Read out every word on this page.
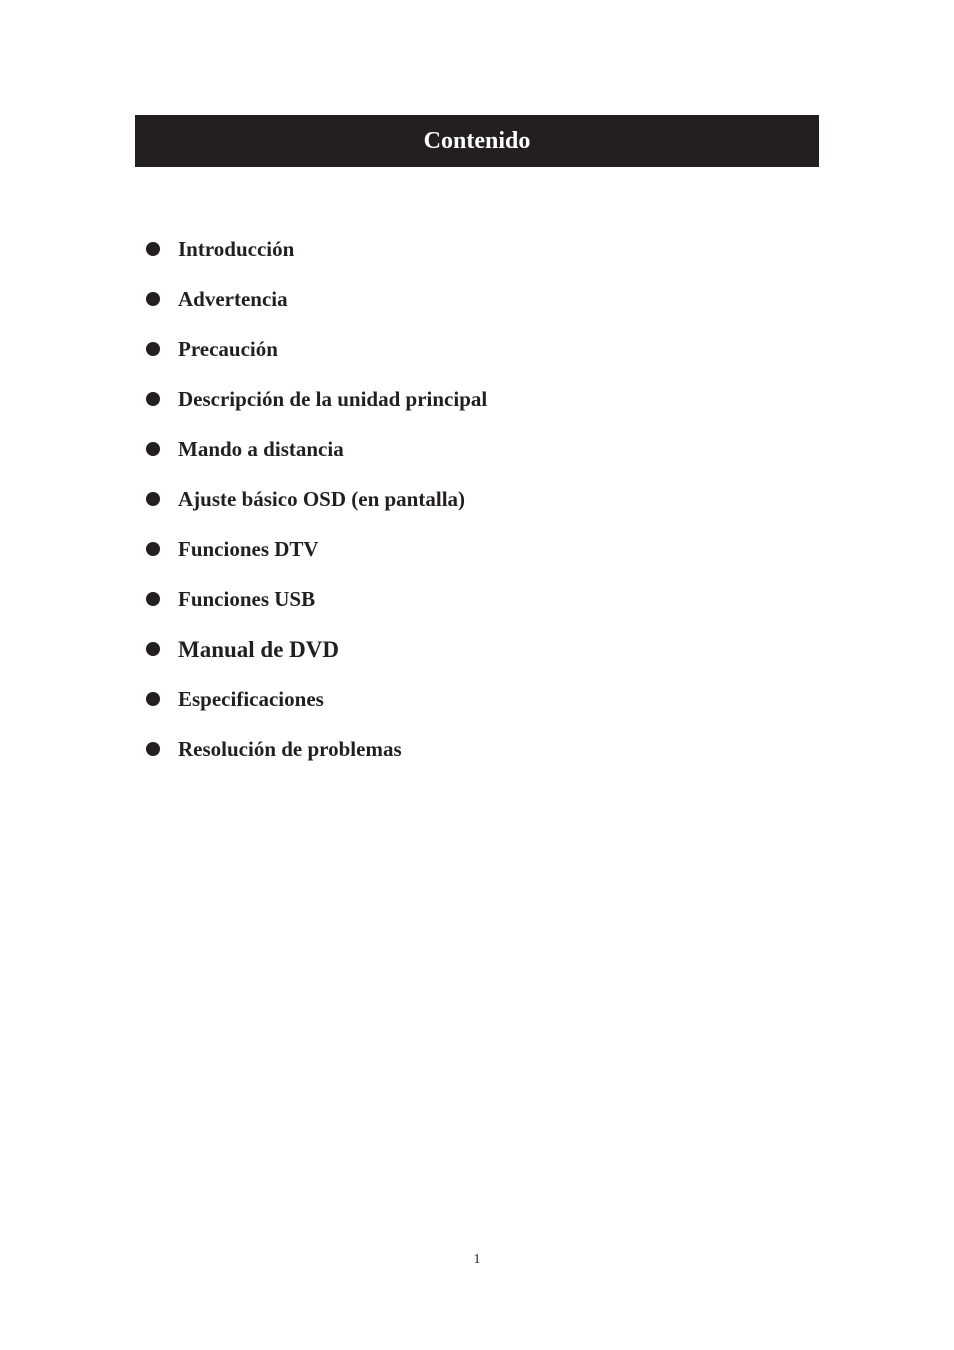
Contenido
Introducción
Advertencia
Precaución
Descripción de la unidad principal
Mando a distancia
Ajuste básico OSD (en pantalla)
Funciones DTV
Funciones USB
Manual de DVD
Especificaciones
Resolución de problemas
1
